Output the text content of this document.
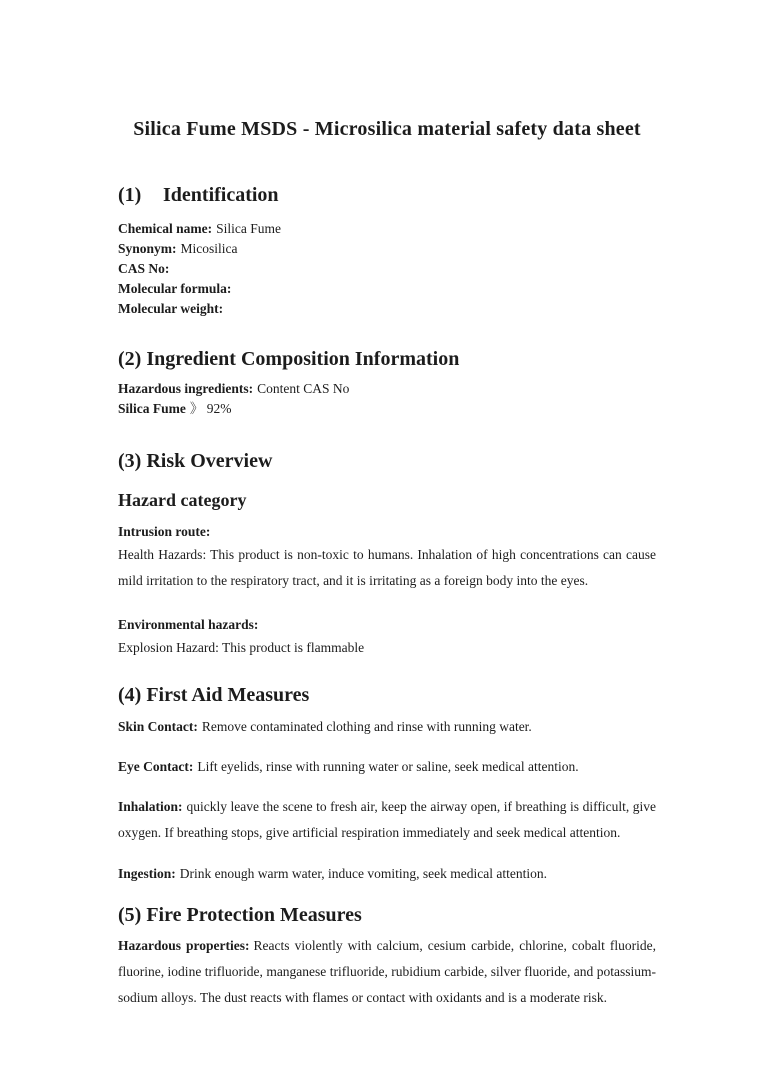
Silica Fume MSDS - Microsilica material safety data sheet
(1) Identification
Chemical name: Silica Fume
Synonym: Micosilica
CAS No:
Molecular formula:
Molecular weight:
(2) Ingredient Composition Information
Hazardous ingredients: Content CAS No
Silica Fume 》 92%
(3) Risk Overview
Hazard category
Intrusion route:

Health Hazards: This product is non-toxic to humans. Inhalation of high concentrations can cause mild irritation to the respiratory tract, and it is irritating as a foreign body into the eyes.

Environmental hazards:

Explosion Hazard: This product is flammable

(4) First Aid Measures

Skin Contact: Remove contaminated clothing and rinse with running water.

Eye Contact: Lift eyelids, rinse with running water or saline, seek medical attention.

Inhalation: quickly leave the scene to fresh air, keep the airway open, if breathing is difficult, give oxygen. If breathing stops, give artificial respiration immediately and seek medical attention.

Ingestion: Drink enough warm water, induce vomiting, seek medical attention.

(5) Fire Protection Measures

Hazardous properties: Reacts violently with calcium, cesium carbide, chlorine, cobalt fluoride, fluorine, iodine trifluoride, manganese trifluoride, rubidium carbide, silver fluoride, and potassium-sodium alloys. The dust reacts with flames or contact with oxidants and is a moderate risk.
